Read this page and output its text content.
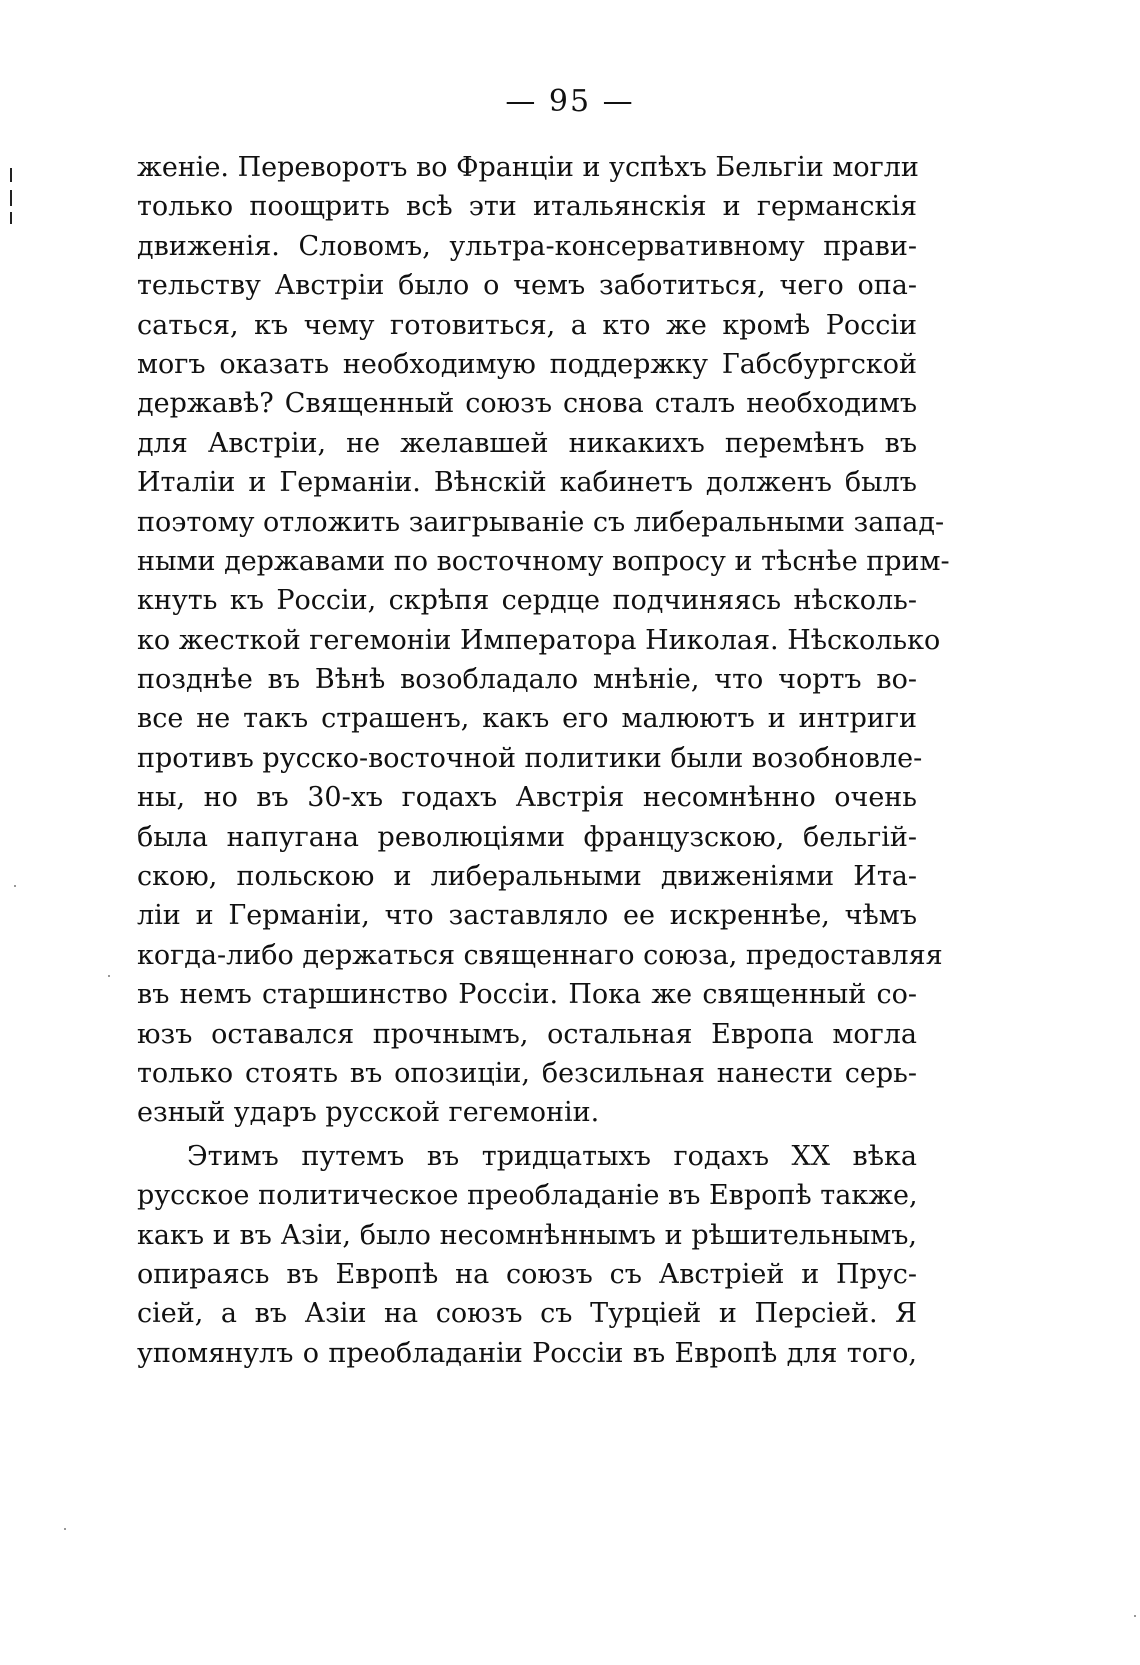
— 95 —
женіе. Переворотъ во Франціи и успѣхъ Бельгіи могли
только поощрить всѣ эти итальянскія и германскія
движенія. Словомъ, ультра-консервативному прави-
тельству Австріи было о чемъ заботиться, чего опа-
саться, къ чему готовиться, а кто же кромѣ Россіи
могъ оказать необходимую поддержку Габсбургской
державѣ? Священный союзъ снова сталъ необходимъ
для Австріи, не желавшей никакихъ перемѣнъ въ
Италіи и Германіи. Вѣнскій кабинетъ долженъ былъ
поэтому отложить заигрываніе съ либеральными запад-
ными державами по восточному вопросу и тѣснѣе прим-
кнуть къ Россіи, скрѣпя сердце подчиняясь нѣсколь-
ко жесткой гегемоніи Императора Николая. Нѣсколько
позднѣе въ Вѣнѣ возобладало мнѣніе, что чортъ во-
все не такъ страшенъ, какъ его малюютъ и интриги
противъ русско-восточной политики были возобновле-
ны, но въ 30-хъ годахъ Австрія несомнѣнно очень
была напугана революціями французскою, бельгій-
скою, польскою и либеральными движеніями Ита-
ліи и Германіи, что заставляло ее искреннѣе, чѣмъ
когда-либо держаться священнаго союза, предоставляя
въ немъ старшинство Россіи. Пока же священный со-
юзъ оставался прочнымъ, остальная Европа могла
только стоять въ опозиціи, безсильная нанести серь-
езный ударъ русской гегемоніи.
Этимъ путемъ въ тридцатыхъ годахъ XX вѣка
русское политическое преобладаніе въ Европѣ также,
какъ и въ Азіи, было несомнѣннымъ и рѣшительнымъ,
опираясь въ Европѣ на союзъ съ Австріей и Прус-
сіей, а въ Азіи на союзъ съ Турціей и Персіей. Я
упомянулъ о преобладаніи Россіи въ Европѣ для того,
